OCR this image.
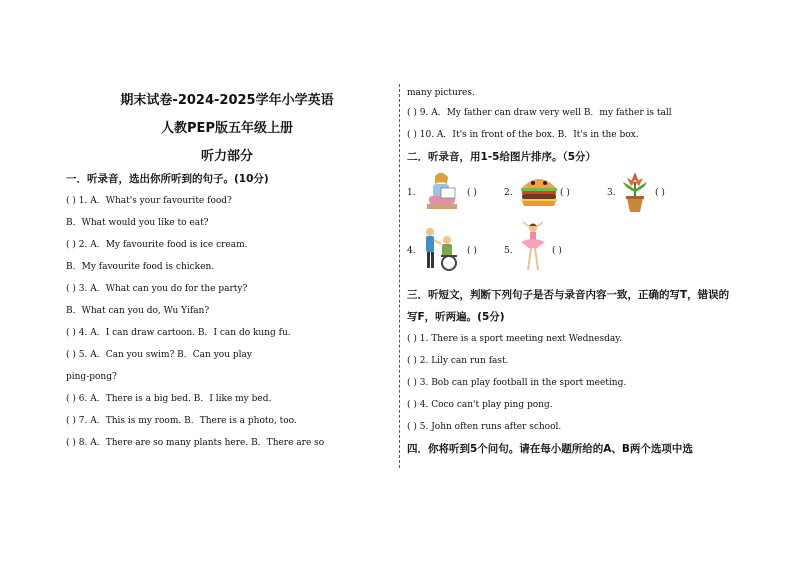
期末试卷-2024-2025学年小学英语

人教PEP版五年级上册

听力部分

一．听录音，选出你所听到的句子。(10分)

( ) 1. A．What's your favourite food?

B．What would you like to eat?

( ) 2. A．My favourite food is ice cream.

B．My favourite food is chicken.

( ) 3. A．What can you do for the party?

B．What can you do, Wu Yifan?

( ) 4. A．I can draw cartoon. B．I can do kung fu.

( ) 5. A．Can you swim? B．Can you play

ping-pong?

( ) 6. A．There is a big bed. B．I like my bed.

( ) 7. A．This is my room. B．There is a photo, too.

( ) 8. A．There are so many plants here. B．There are so

many pictures.

( ) 9. A．My father can draw very well B．my father is tall

( ) 10. A．It's in front of the box. B．It's in the box.

二．听录音，用1-5给图片排序。（5分）

1.	( )	2.	( )	3.	( )
4.	( )	5.	( )

三．听短文，判断下列句子是否与录音内容一致，正确的写T，错误的写F，听两遍。(5分)

( ) 1. There is a sport meeting next Wednesday.

( ) 2. Lily can run fast.

( ) 3. Bob can play football in the sport meeting.

( ) 4. Coco can't play ping pong.

( ) 5. John often runs after school.

四．你将听到5个问句。请在每小题所给的A、B两个选项中选
